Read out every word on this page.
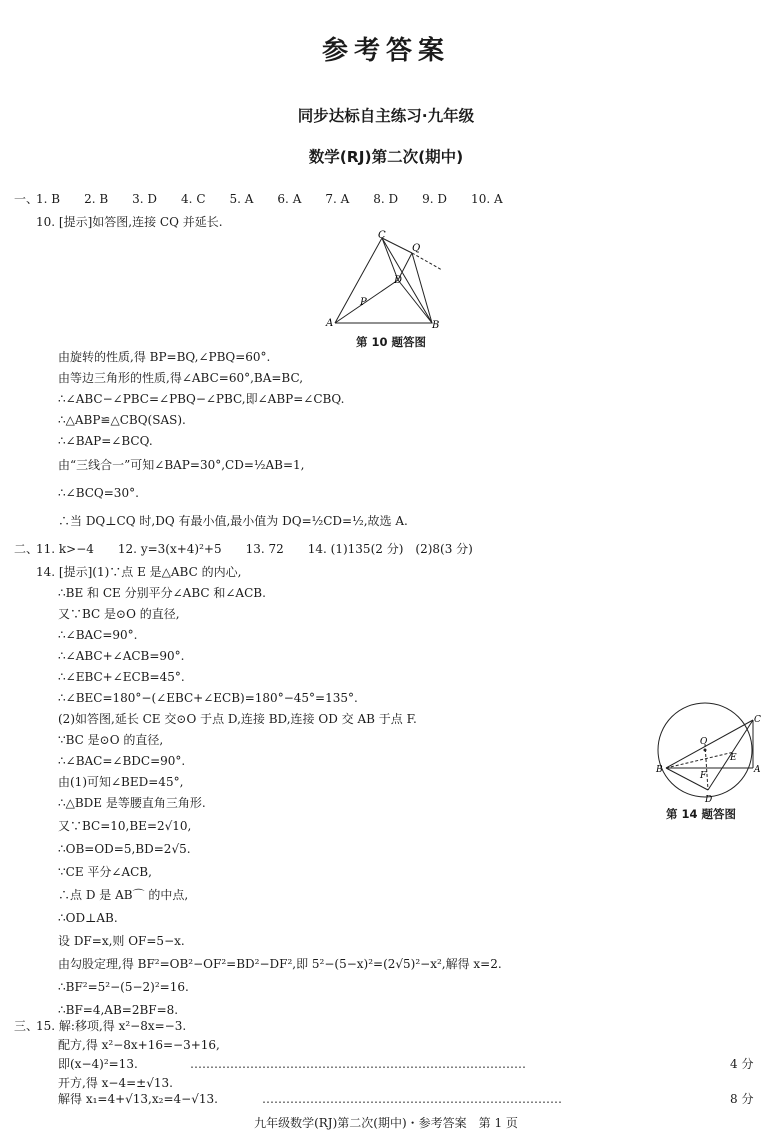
参考答案
同步达标自主练习·九年级
数学(RJ)第二次(期中)
一、
1. B　　2. B　　3. D　　4. C　　5. A　　6. A　　7. A　　8. D　　9. D　　10. A
10. [提示]如答图,连接 CQ 并延长.
C
Q
D
P
A	B
第 10 题答图
由旋转的性质,得 BP=BQ,∠PBQ=60°.
由等边三角形的性质,得∠ABC=60°,BA=BC,
∴∠ABC−∠PBC=∠PBQ−∠PBC,即∠ABP=∠CBQ.
∴△ABP≌△CBQ(SAS).
∴∠BAP=∠BCQ.
由“三线合一”可知∠BAP=30°,CD=½AB=1,
∴∠BCQ=30°.
∴当 DQ⊥CQ 时,DQ 有最小值,最小值为 DQ=½CD=½,故选 A.
二、
11. k>−4　　12. y=3(x+4)²+5　　13. 72　　14. (1)135(2 分)　(2)8(3 分)
14. [提示](1)∵点 E 是△ABC 的内心,
∴BE 和 CE 分别平分∠ABC 和∠ACB.
又∵BC 是⊙O 的直径,
∴∠BAC=90°.
∴∠ABC+∠ACB=90°.
∴∠EBC+∠ECB=45°.
∴∠BEC=180°−(∠EBC+∠ECB)=180°−45°=135°.
(2)如答图,延长 CE 交⊙O 于点 D,连接 BD,连接 OD 交 AB 于点 F.
∵BC 是⊙O 的直径,
∴∠BAC=∠BDC=90°.
由(1)可知∠BED=45°,
∴△BDE 是等腰直角三角形.
又∵BC=10,BE=2√10,
∴OB=OD=5,BD=2√5.
∵CE 平分∠ACB,
∴点 D 是 AB⌒ 的中点,
∴OD⊥AB.
设 DF=x,则 OF=5−x.
由勾股定理,得 BF²=OB²−OF²=BD²−DF²,即 5²−(5−x)²=(2√5)²−x²,解得 x=2.
∴BF²=5²−(5−2)²=16.
∴BF=4,AB=2BF=8.
C
O
E
B
F
A
D
第 14 题答图
三、
15. 解:移项,得 x²−8x=−3.
配方,得 x²−8x+16=−3+16,
即(x−4)²=13.	…………………………………………………………………………	4 分
开方,得 x−4=±√13.
解得 x₁=4+√13,x₂=4−√13.	…………………………………………………………………	8 分
九年级数学(RJ)第二次(期中)・参考答案　第 1 页
